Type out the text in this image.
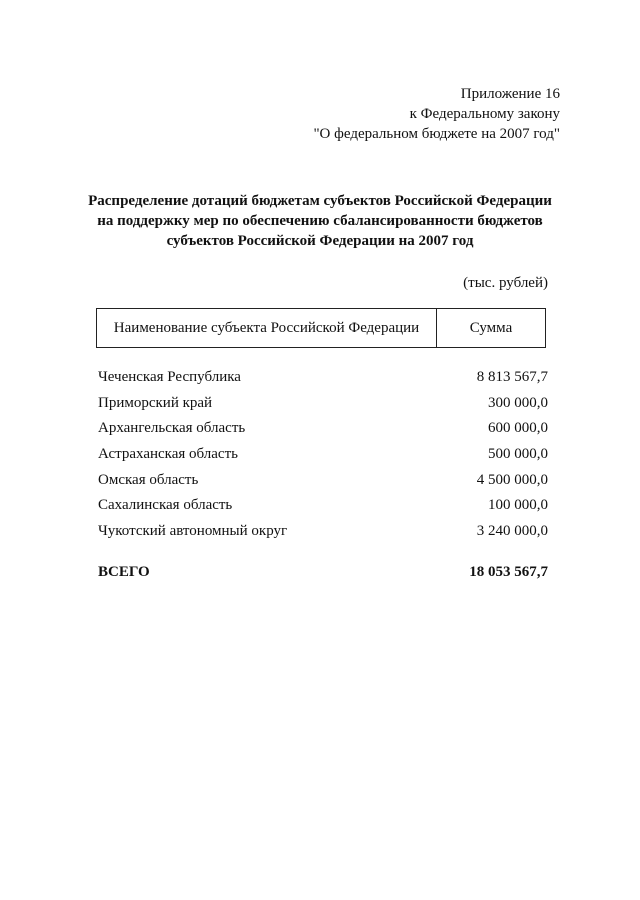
Приложение 16
к Федеральному закону
"О федеральном бюджете на 2007 год"
Распределение дотаций бюджетам субъектов Российской Федерации
на поддержку мер по обеспечению сбалансированности бюджетов
субъектов Российской Федерации на 2007 год
(тыс. рублей)
Наименование субъекта Российской Федерации	Сумма
Чеченская Республика	8 813 567,7
Приморский край	300 000,0
Архангельская область	600 000,0
Астраханская область	500 000,0
Омская область	4 500 000,0
Сахалинская область	100 000,0
Чукотский автономный округ	3 240 000,0
ВСЕГО	18 053 567,7
